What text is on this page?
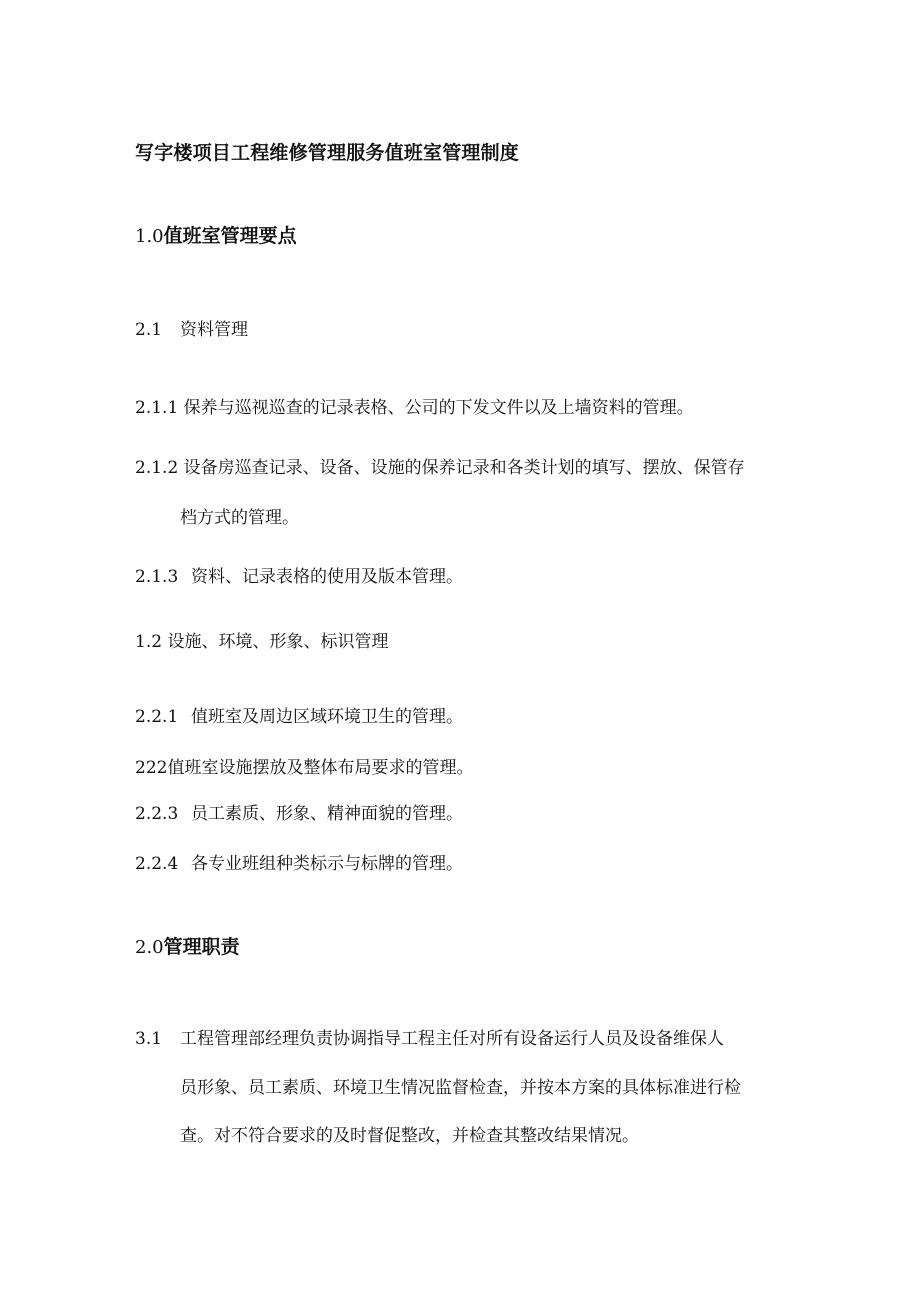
写字楼项目工程维修管理服务值班室管理制度
1.0值班室管理要点
2.1 资料管理
2.1.1 保养与巡视巡查的记录表格、公司的下发文件以及上墙资料的管理。
2.1.2 设备房巡查记录、设备、设施的保养记录和各类计划的填写、摆放、保管存
档方式的管理。
2.1.3 资料、记录表格的使用及版本管理。
1.2 设施、环境、形象、标识管理
2.2.1 值班室及周边区域环境卫生的管理。
222值班室设施摆放及整体布局要求的管理。
2.2.3 员工素质、形象、精神面貌的管理。
2.2.4 各专业班组种类标示与标牌的管理。
2.0管理职责
3.1 工程管理部经理负责协调指导工程主任对所有设备运行人员及设备维保人
员形象、员工素质、环境卫生情况监督检查，并按本方案的具体标准进行检
查。对不符合要求的及时督促整改，并检查其整改结果情况。
